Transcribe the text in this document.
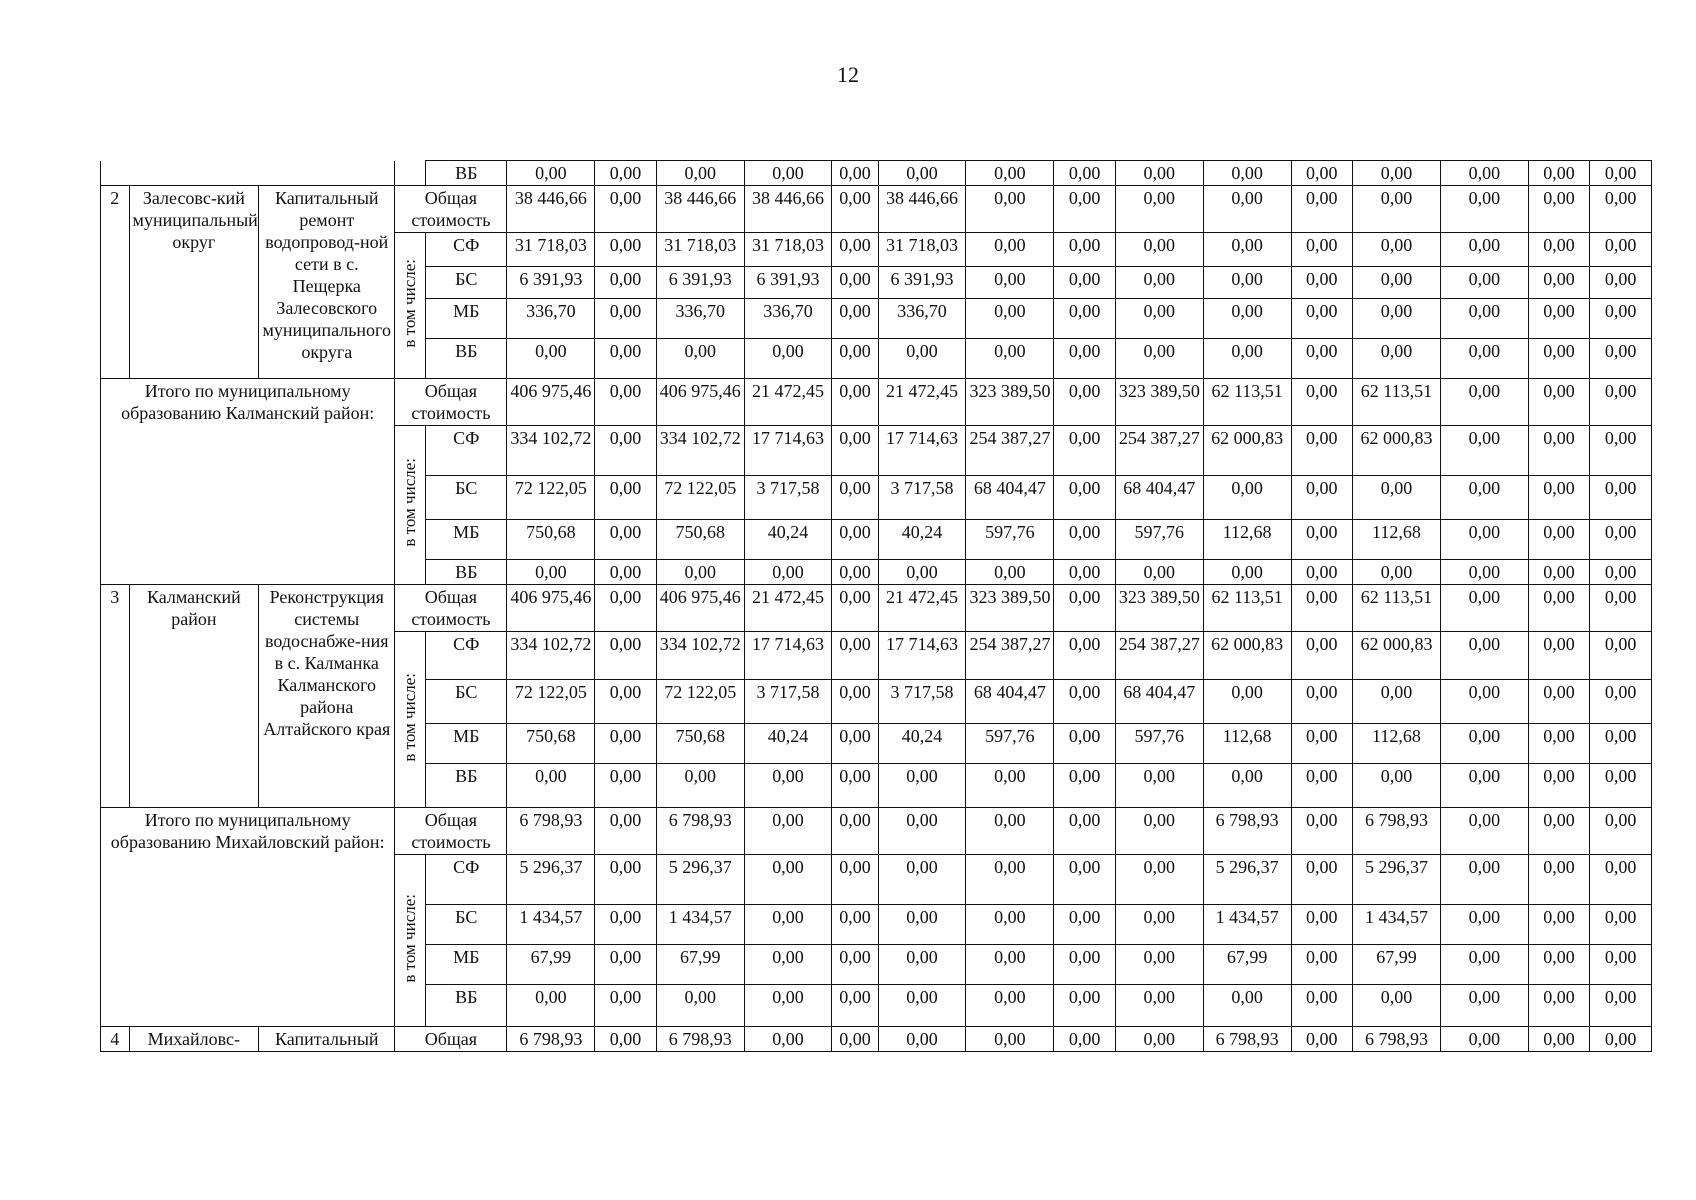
12
				ВБ	0,00	0,00	0,00	0,00	0,00	0,00	0,00	0,00	0,00	0,00	0,00	0,00	0,00	0,00	0,00
2	Залесовс-кий муниципальный округ	Капитальный ремонт водопровод-ной сети в с. Пещерка Залесовского муниципального округа	Общая стоимость		38 446,66	0,00	38 446,66	38 446,66	0,00	38 446,66	0,00	0,00	0,00	0,00	0,00	0,00	0,00	0,00	0,00
			в том числе:	СФ	31 718,03	0,00	31 718,03	31 718,03	0,00	31 718,03	0,00	0,00	0,00	0,00	0,00	0,00	0,00	0,00	0,00
				БС	6 391,93	0,00	6 391,93	6 391,93	0,00	6 391,93	0,00	0,00	0,00	0,00	0,00	0,00	0,00	0,00	0,00
				МБ	336,70	0,00	336,70	336,70	0,00	336,70	0,00	0,00	0,00	0,00	0,00	0,00	0,00	0,00	0,00
				ВБ	0,00	0,00	0,00	0,00	0,00	0,00	0,00	0,00	0,00	0,00	0,00	0,00	0,00	0,00	0,00
Итого по муниципальному образованию Калманский район:			Общая стоимость		406 975,46	0,00	406 975,46	21 472,45	0,00	21 472,45	323 389,50	0,00	323 389,50	62 113,51	0,00	62 113,51	0,00	0,00	0,00
			в том числе:	СФ	334 102,72	0,00	334 102,72	17 714,63	0,00	17 714,63	254 387,27	0,00	254 387,27	62 000,83	0,00	62 000,83	0,00	0,00	0,00
				БС	72 122,05	0,00	72 122,05	3 717,58	0,00	3 717,58	68 404,47	0,00	68 404,47	0,00	0,00	0,00	0,00	0,00	0,00
				МБ	750,68	0,00	750,68	40,24	0,00	40,24	597,76	0,00	597,76	112,68	0,00	112,68	0,00	0,00	0,00
				ВБ	0,00	0,00	0,00	0,00	0,00	0,00	0,00	0,00	0,00	0,00	0,00	0,00	0,00	0,00	0,00
3	Калманский район	Реконструкция системы водоснабже-ния в с. Калманка Калманского района Алтайского края	Общая стоимость		406 975,46	0,00	406 975,46	21 472,45	0,00	21 472,45	323 389,50	0,00	323 389,50	62 113,51	0,00	62 113,51	0,00	0,00	0,00
			в том числе:	СФ	334 102,72	0,00	334 102,72	17 714,63	0,00	17 714,63	254 387,27	0,00	254 387,27	62 000,83	0,00	62 000,83	0,00	0,00	0,00
				БС	72 122,05	0,00	72 122,05	3 717,58	0,00	3 717,58	68 404,47	0,00	68 404,47	0,00	0,00	0,00	0,00	0,00	0,00
				МБ	750,68	0,00	750,68	40,24	0,00	40,24	597,76	0,00	597,76	112,68	0,00	112,68	0,00	0,00	0,00
				ВБ	0,00	0,00	0,00	0,00	0,00	0,00	0,00	0,00	0,00	0,00	0,00	0,00	0,00	0,00	0,00
Итого по муниципальному образованию Михайловский район:			Общая стоимость		6 798,93	0,00	6 798,93	0,00	0,00	0,00	0,00	0,00	0,00	6 798,93	0,00	6 798,93	0,00	0,00	0,00
			в том числе:	СФ	5 296,37	0,00	5 296,37	0,00	0,00	0,00	0,00	0,00	0,00	5 296,37	0,00	5 296,37	0,00	0,00	0,00
				БС	1 434,57	0,00	1 434,57	0,00	0,00	0,00	0,00	0,00	0,00	1 434,57	0,00	1 434,57	0,00	0,00	0,00
				МБ	67,99	0,00	67,99	0,00	0,00	0,00	0,00	0,00	0,00	67,99	0,00	67,99	0,00	0,00	0,00
				ВБ	0,00	0,00	0,00	0,00	0,00	0,00	0,00	0,00	0,00	0,00	0,00	0,00	0,00	0,00	0,00
4	Михайловс-	Капитальный	Общая		6 798,93	0,00	6 798,93	0,00	0,00	0,00	0,00	0,00	0,00	6 798,93	0,00	6 798,93	0,00	0,00	0,00
